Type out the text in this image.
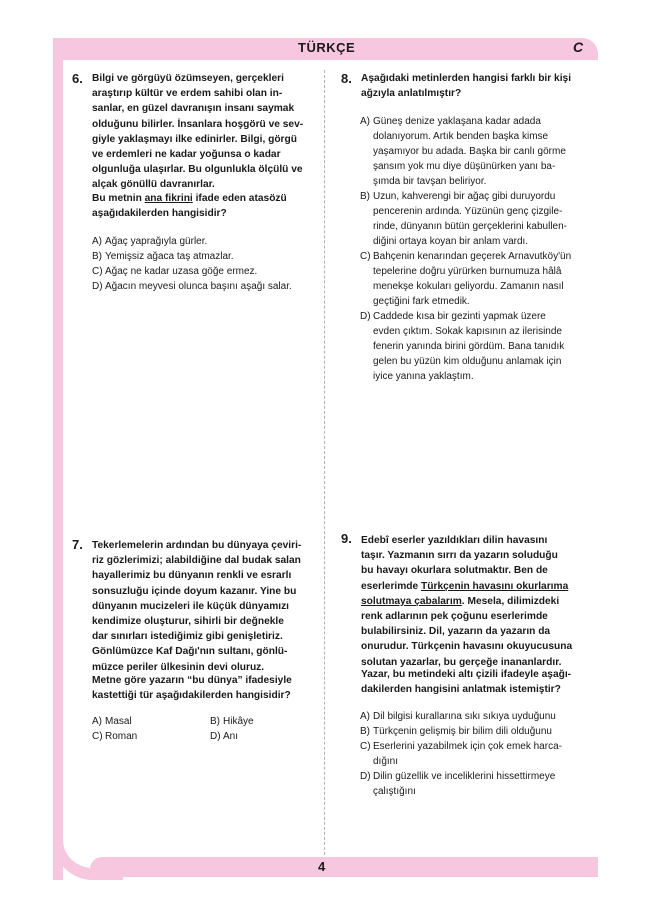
TÜRKÇE	C
4
6. Bilgi ve görgüyü özümseyen, gerçekleri
araştırıp kültür ve erdem sahibi olan in-
sanlar, en güzel davranışın insanı saymak
olduğunu bilirler. İnsanlara hoşgörü ve sev-
giyle yaklaşmayı ilke edinirler. Bilgi, görgü
ve erdemleri ne kadar yoğunsa o kadar
olgunluğa ulaşırlar. Bu olgunlukla ölçülü ve
alçak gönüllü davranırlar.
Bu metnin ana fikrini ifade eden atasözü
aşağıdakilerden hangisidir?
A) Ağaç yaprağıyla gürler.
B) Yemişsiz ağaca taş atmazlar.
C) Ağaç ne kadar uzasa göğe ermez.
D) Ağacın meyvesi olunca başını aşağı salar.
7. Tekerlemelerin ardından bu dünyaya çeviri-
riz gözlerimizi; alabildiğine dal budak salan
hayallerimiz bu dünyanın renkli ve esrarlı
sonsuzluğu içinde doyum kazanır. Yine bu
dünyanın mucizeleri ile küçük dünyamızı
kendimize oluşturur, sihirli bir değnekle
dar sınırları istediğimiz gibi genişletiriz.
Gönlümüzce Kaf Dağı'nın sultanı, gönlü-
müzce periler ülkesinin devi oluruz.
Metne göre yazarın “bu dünya” ifadesiyle
kastettiği tür aşağıdakilerden hangisidir?
A) Masal	B) Hikâye
C) Roman	D) Anı
8. Aşağıdaki metinlerden hangisi farklı bir kişi
ağzıyla anlatılmıştır?
A) Güneş denize yaklaşana kadar adada
dolanıyorum. Artık benden başka kimse
yaşamıyor bu adada. Başka bir canlı görme
şansım yok mu diye düşünürken yanı ba-
şımda bir tavşan beliriyor.
B) Uzun, kahverengi bir ağaç gibi duruyordu
pencerenin ardında. Yüzünün genç çizgile-
rinde, dünyanın bütün gerçeklerini kabullen-
diğini ortaya koyan bir anlam vardı.
C) Bahçenin kenarından geçerek Arnavutköy'ün
tepelerine doğru yürürken burnumuza hâlâ
menekşe kokuları geliyordu. Zamanın nasıl
geçtiğini fark etmedik.
D) Caddede kısa bir gezinti yapmak üzere
evden çıktım. Sokak kapısının az ilerisinde
fenerin yanında birini gördüm. Bana tanıdık
gelen bu yüzün kim olduğunu anlamak için
iyice yanına yaklaştım.
9. Edebî eserler yazıldıkları dilin havasını
taşır. Yazmanın sırrı da yazarın soluduğu
bu havayı okurlara solutmaktır. Ben de
eserlerimde Türkçenin havasını okurlarıma
solutmaya çabalarım. Mesela, dilimizdeki
renk adlarının pek çoğunu eserlerimde
bulabilirsiniz. Dil, yazarın da yazarın da
onurudur. Türkçenin havasını okuyucusuna
solutan yazarlar, bu gerçeğe inananlardır.
Yazar, bu metindeki altı çizili ifadeyle aşağı-
dakilerden hangisini anlatmak istemiştir?
A) Dil bilgisi kurallarına sıkı sıkıya uyduğunu
B) Türkçenin gelişmiş bir bilim dili olduğunu
C) Eserlerini yazabilmek için çok emek harca-
dığını
D) Dilin güzellik ve inceliklerini hissettirmeye
çalıştığını
